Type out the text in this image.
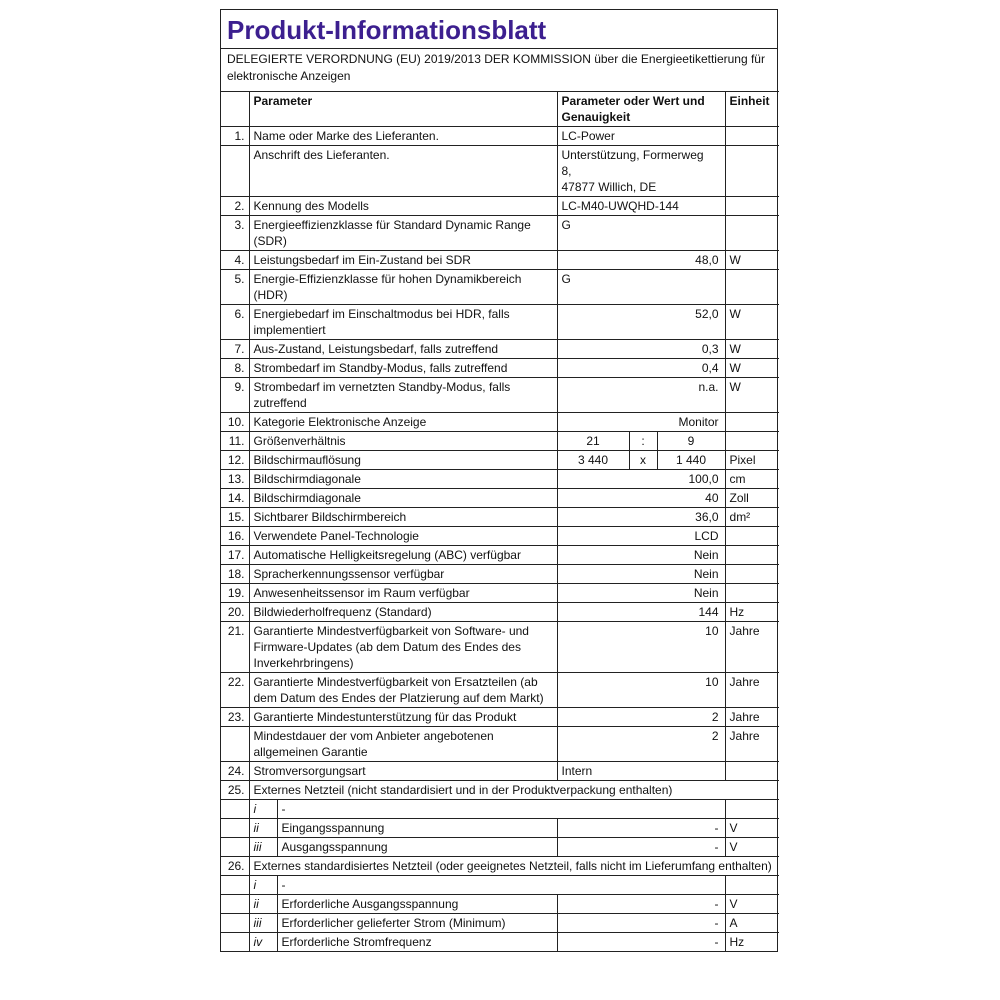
Produkt-Informationsblatt
DELEGIERTE VERORDNUNG (EU) 2019/2013 DER KOMMISSION über die Energieetikettierung für elektronische Anzeigen
	Parameter		Parameter oder Wert und Genauigkeit			Einheit
1.	Name oder Marke des Lieferanten.		LC-Power			
	Anschrift des Lieferanten.		Unterstützung, Formerweg
8,
47877 Willich, DE			

2.	Kennung des Modells		LC-M40-UWQHD-144			
3.	Energieeffizienzklasse für Standard Dynamic Range (SDR)		G			
4.	Leistungsbedarf im Ein-Zustand bei SDR		48,0			W
5.	Energie-Effizienzklasse für hohen Dynamikbereich (HDR)		G			
6.	Energiebedarf im Einschaltmodus bei HDR, falls implementiert		52,0			W
7.	Aus-Zustand, Leistungsbedarf, falls zutreffend		0,3			W
8.	Strombedarf im Standby-Modus, falls zutreffend		0,4			W
9.	Strombedarf im vernetzten Standby-Modus, falls zutreffend		n.a.			W
10.	Kategorie Elektronische Anzeige		Monitor			
11.	Größenverhältnis		21	:	9	
12.	Bildschirmauflösung		3 440	x	1 440	Pixel
13.	Bildschirmdiagonale		100,0			cm
14.	Bildschirmdiagonale		40			Zoll
15.	Sichtbarer Bildschirmbereich		36,0			dm²
16.	Verwendete Panel-Technologie		LCD			
17.	Automatische Helligkeitsregelung (ABC) verfügbar		Nein			
18.	Spracherkennungssensor verfügbar		Nein			
19.	Anwesenheitssensor im Raum verfügbar		Nein			
20.	Bildwiederholfrequenz (Standard)		144			Hz
21.	Garantierte Mindestverfügbarkeit von Software- und Firmware-Updates (ab dem Datum des Endes des Inverkehrbringens)		10			Jahre
22.	Garantierte Mindestverfügbarkeit von Ersatzteilen (ab dem Datum des Endes der Platzierung auf dem Markt)		10			Jahre
23.	Garantierte Mindestunterstützung für das Produkt		2			Jahre
	Mindestdauer der vom Anbieter angebotenen allgemeinen Garantie		2			Jahre
24.	Stromversorgungsart		Intern			
25.	Externes Netzteil (nicht standardisiert und in der Produktverpackung enthalten)					
	i	-				
	ii	Eingangsspannung	-			V
	iii	Ausgangsspannung	-			V
26.	Externes standardisiertes Netzteil (oder geeignetes Netzteil, falls nicht im Lieferumfang enthalten)					
	i	-				
	ii	Erforderliche Ausgangsspannung	-			V
	iii	Erforderlicher gelieferter Strom (Minimum)	-			A
	iv	Erforderliche Stromfrequenz	-			Hz
